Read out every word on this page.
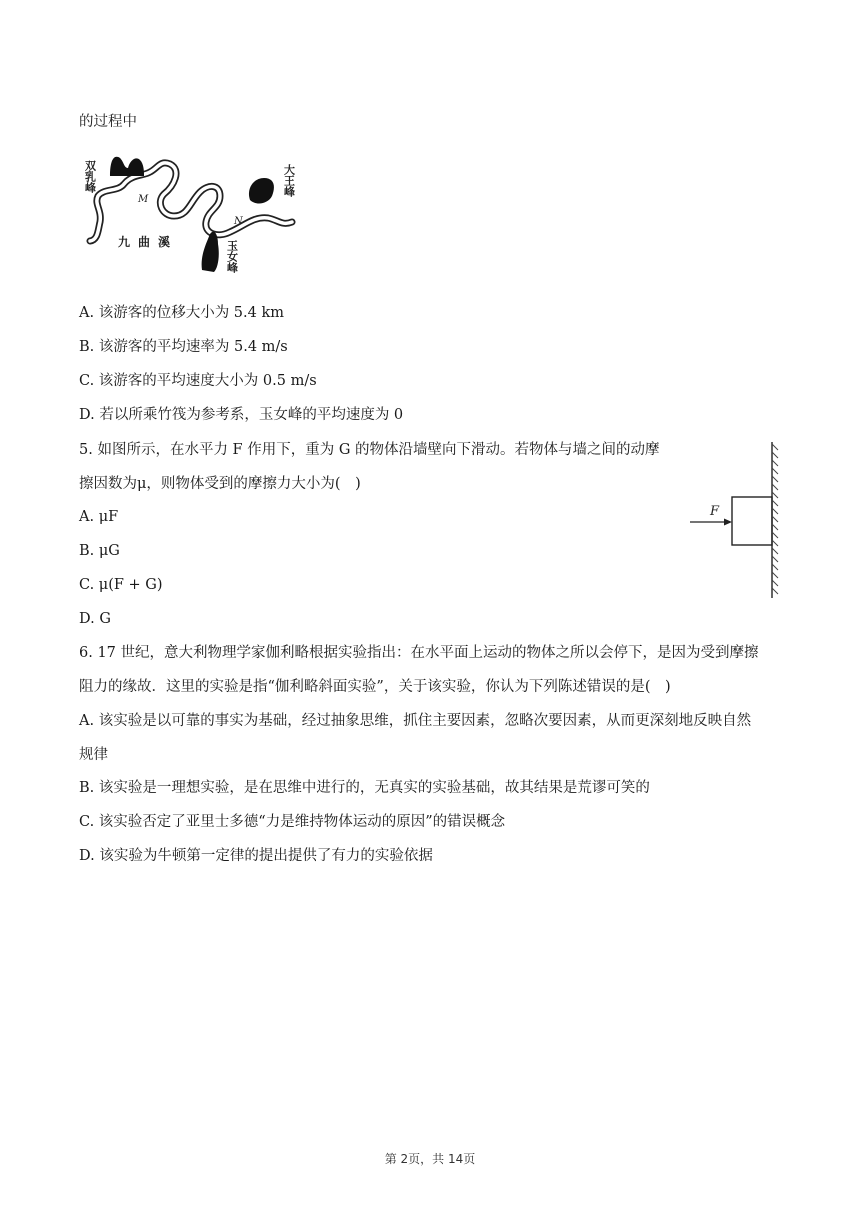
的过程中
双乳峰	大王峰
玉女峰
九曲溪
M
N
A. 该游客的位移大小为 5.4 km
B. 该游客的平均速率为 5.4 m/s
C. 该游客的平均速度大小为 0.5 m/s
D. 若以所乘竹筏为参考系，玉女峰的平均速度为 0
5. 如图所示，在水平力 F 作用下，重为 G 的物体沿墙壁向下滑动。若物体与墙之间的动摩
擦因数为μ，则物体受到的摩擦力大小为(　)
A. μF
B. μG
C. μ(F + G)
D. G
F
6. 17 世纪，意大利物理学家伽利略根据实验指出：在水平面上运动的物体之所以会停下，是因为受到摩擦
阻力的缘故．这里的实验是指“伽利略斜面实验”，关于该实验，你认为下列陈述错误的是(　)
A. 该实验是以可靠的事实为基础，经过抽象思维，抓住主要因素，忽略次要因素，从而更深刻地反映自然
规律
B. 该实验是一理想实验，是在思维中进行的，无真实的实验基础，故其结果是荒谬可笑的
C. 该实验否定了亚里士多德“力是维持物体运动的原因”的错误概念
D. 该实验为牛顿第一定律的提出提供了有力的实验依据
第 2页，共 14页
